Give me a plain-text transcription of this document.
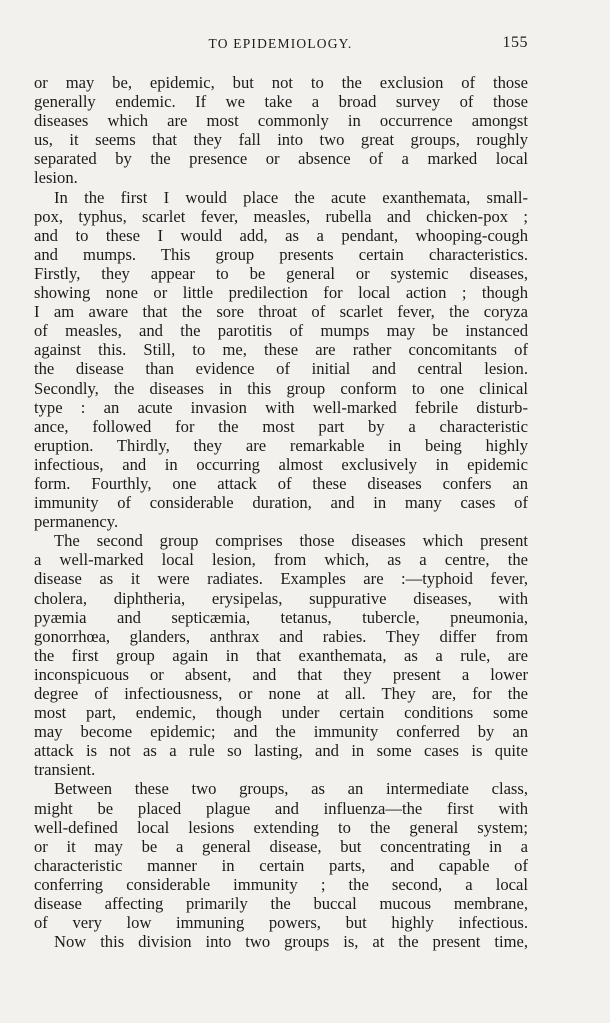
TO EPIDEMIOLOGY.	155
or may be, epidemic, but not to the exclusion of those
generally endemic. If we take a broad survey of those
diseases which are most commonly in occurrence amongst
us, it seems that they fall into two great groups, roughly
separated by the presence or absence of a marked local
lesion.
In the first I would place the acute exanthemata, small-
pox, typhus, scarlet fever, measles, rubella and chicken-pox ;
and to these I would add, as a pendant, whooping-cough
and mumps. This group presents certain characteristics.
Firstly, they appear to be general or systemic diseases,
showing none or little predilection for local action ; though
I am aware that the sore throat of scarlet fever, the coryza
of measles, and the parotitis of mumps may be instanced
against this. Still, to me, these are rather concomitants of
the disease than evidence of initial and central lesion.
Secondly, the diseases in this group conform to one clinical
type : an acute invasion with well-marked febrile disturb-
ance, followed for the most part by a characteristic
eruption. Thirdly, they are remarkable in being highly
infectious, and in occurring almost exclusively in epidemic
form. Fourthly, one attack of these diseases confers an
immunity of considerable duration, and in many cases of
permanency.
The second group comprises those diseases which present
a well-marked local lesion, from which, as a centre, the
disease as it were radiates. Examples are :—typhoid fever,
cholera, diphtheria, erysipelas, suppurative diseases, with
pyæmia and septicæmia, tetanus, tubercle, pneumonia,
gonorrhœa, glanders, anthrax and rabies. They differ from
the first group again in that exanthemata, as a rule, are
inconspicuous or absent, and that they present a lower
degree of infectiousness, or none at all. They are, for the
most part, endemic, though under certain conditions some
may become epidemic; and the immunity conferred by an
attack is not as a rule so lasting, and in some cases is quite
transient.
Between these two groups, as an intermediate class,
might be placed plague and influenza—the first with
well-defined local lesions extending to the general system;
or it may be a general disease, but concentrating in a
characteristic manner in certain parts, and capable of
conferring considerable immunity ; the second, a local
disease affecting primarily the buccal mucous membrane,
of very low immuning powers, but highly infectious.
Now this division into two groups is, at the present time,
